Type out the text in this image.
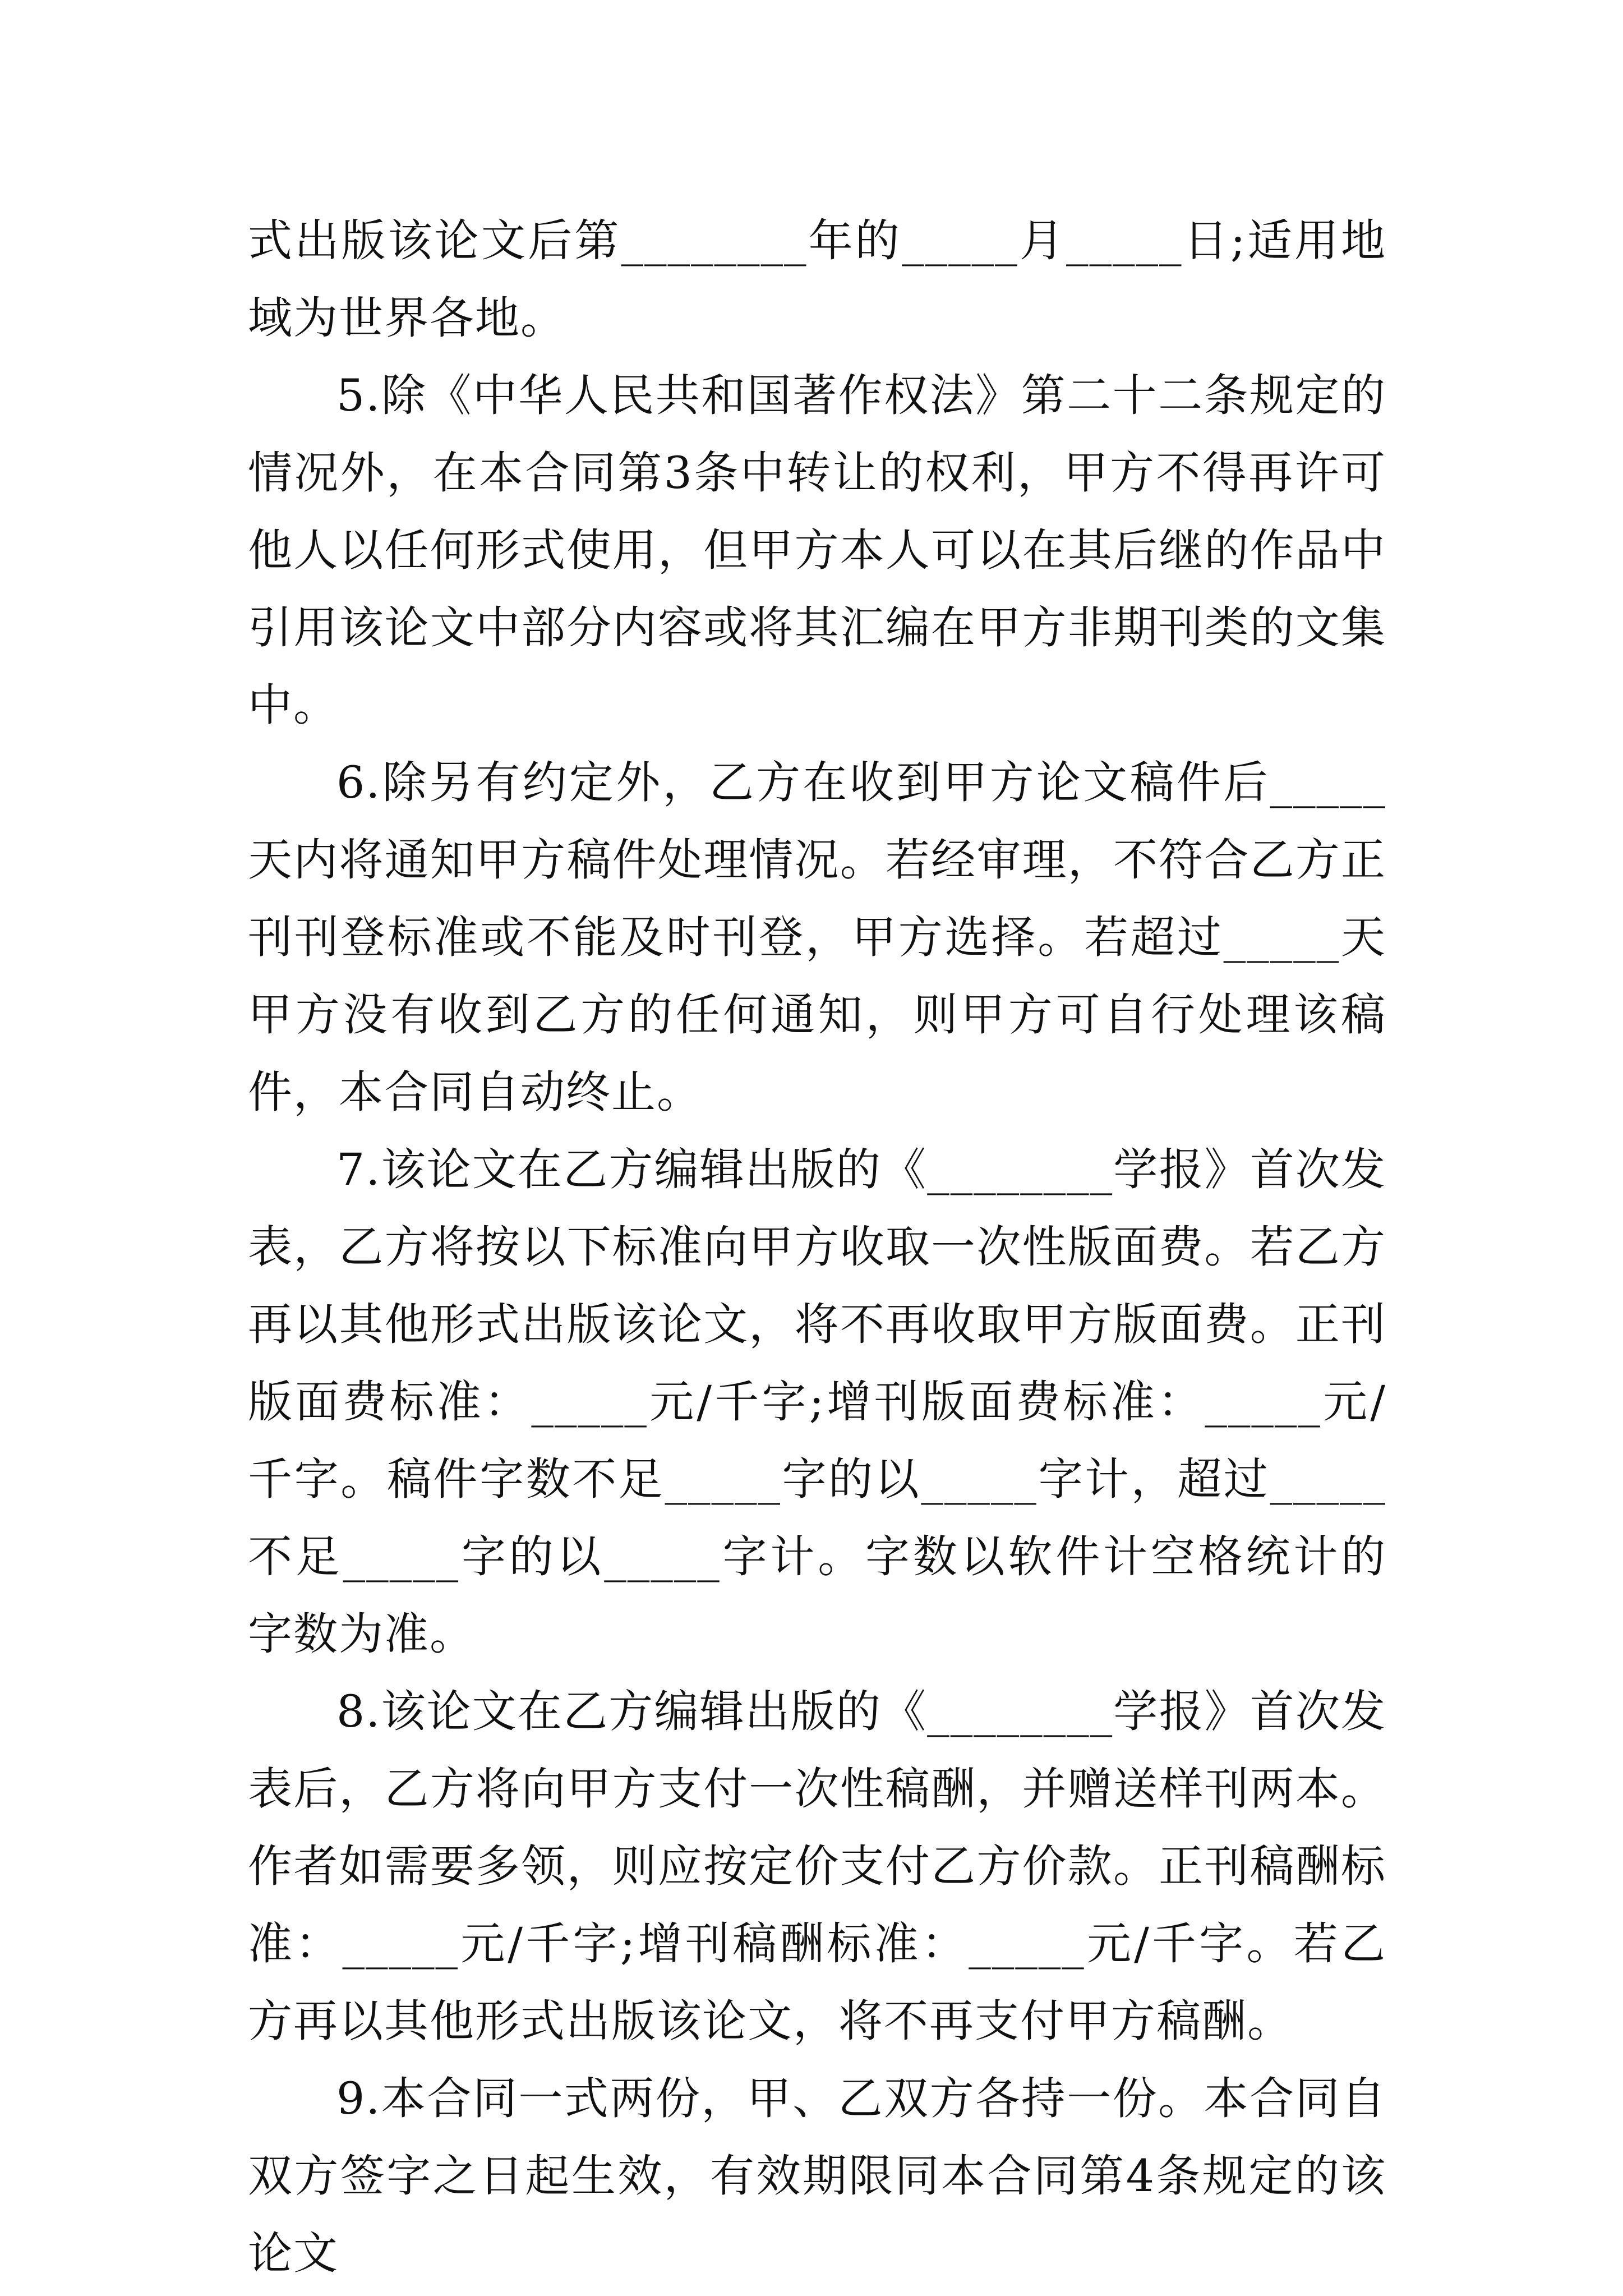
式出版该论文后第________年的_____月_____日;适用地域为世界各地。

5.除《中华人民共和国著作权法》第二十二条规定的情况外，在本合同第3条中转让的权利，甲方不得再许可他人以任何形式使用，但甲方本人可以在其后继的作品中引用该论文中部分内容或将其汇编在甲方非期刊类的文集中。

6.除另有约定外，乙方在收到甲方论文稿件后_____天内将通知甲方稿件处理情况。若经审理，不符合乙方正刊刊登标准或不能及时刊登，甲方选择。若超过_____天甲方没有收到乙方的任何通知，则甲方可自行处理该稿件，本合同自动终止。

7.该论文在乙方编辑出版的《________学报》首次发表，乙方将按以下标准向甲方收取一次性版面费。若乙方再以其他形式出版该论文，将不再收取甲方版面费。正刊版面费标准：_____元/千字;增刊版面费标准：_____元/千字。稿件字数不足_____字的以_____字计，超过_____不足_____字的以_____字计。字数以软件计空格统计的字数为准。

8.该论文在乙方编辑出版的《________学报》首次发表后，乙方将向甲方支付一次性稿酬，并赠送样刊两本。作者如需要多领，则应按定价支付乙方价款。正刊稿酬标准：_____元/千字;增刊稿酬标准：_____元/千字。若乙方再以其他形式出版该论文，将不再支付甲方稿酬。

9.本合同一式两份，甲、乙双方各持一份。本合同自双方签字之日起生效，有效期限同本合同第4条规定的该论文
